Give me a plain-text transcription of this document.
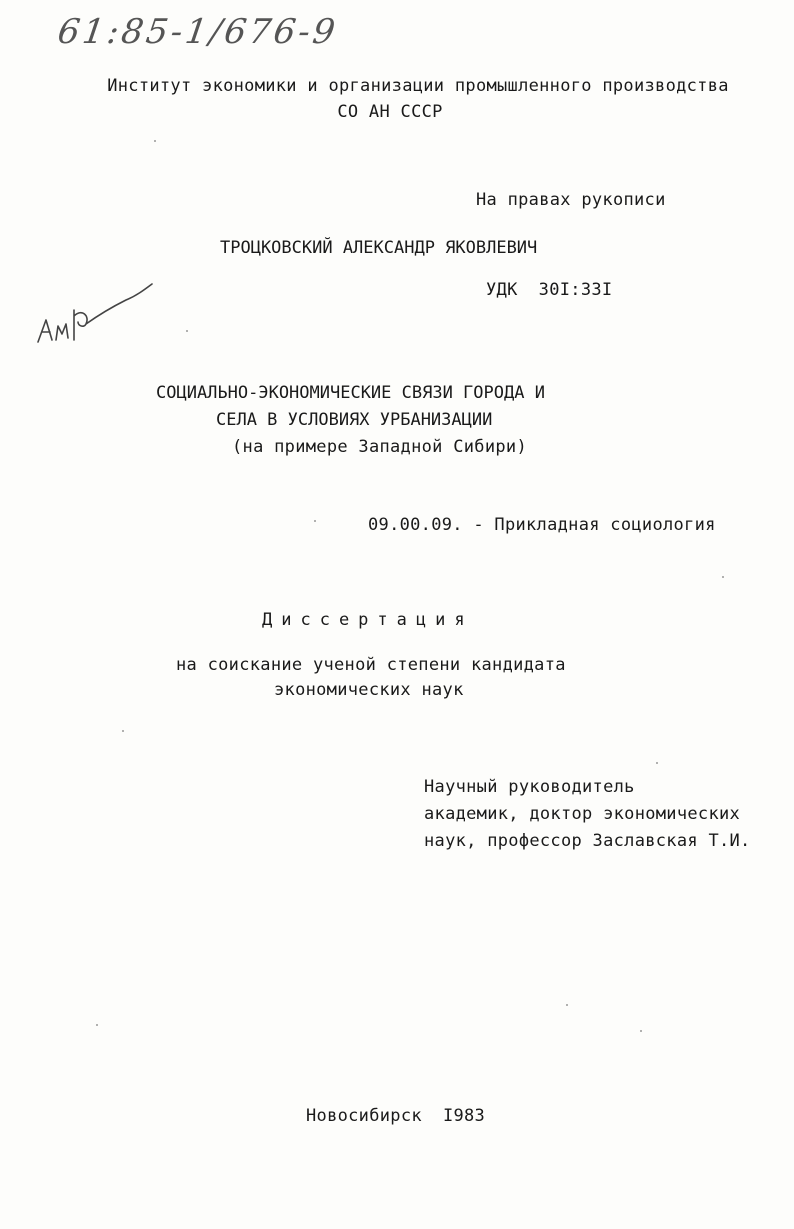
61:85-1/676-9
Институт экономики и организации промышленного производства
СО АН СССР
На правах рукописи
ТРОЦКОВСКИЙ АЛЕКСАНДР ЯКОВЛЕВИЧ
УДК  30I:33I
СОЦИАЛЬНО-ЭКОНОМИЧЕСКИЕ СВЯЗИ ГОРОДА И
СЕЛА В УСЛОВИЯХ УРБАНИЗАЦИИ
(на примере Западной Сибири)
09.00.09. - Прикладная социология
Диссертация
на соискание ученой степени кандидата
экономических наук
Научный руководитель
академик, доктор экономических
наук, профессор Заславская Т.И.
Новосибирск  I983
